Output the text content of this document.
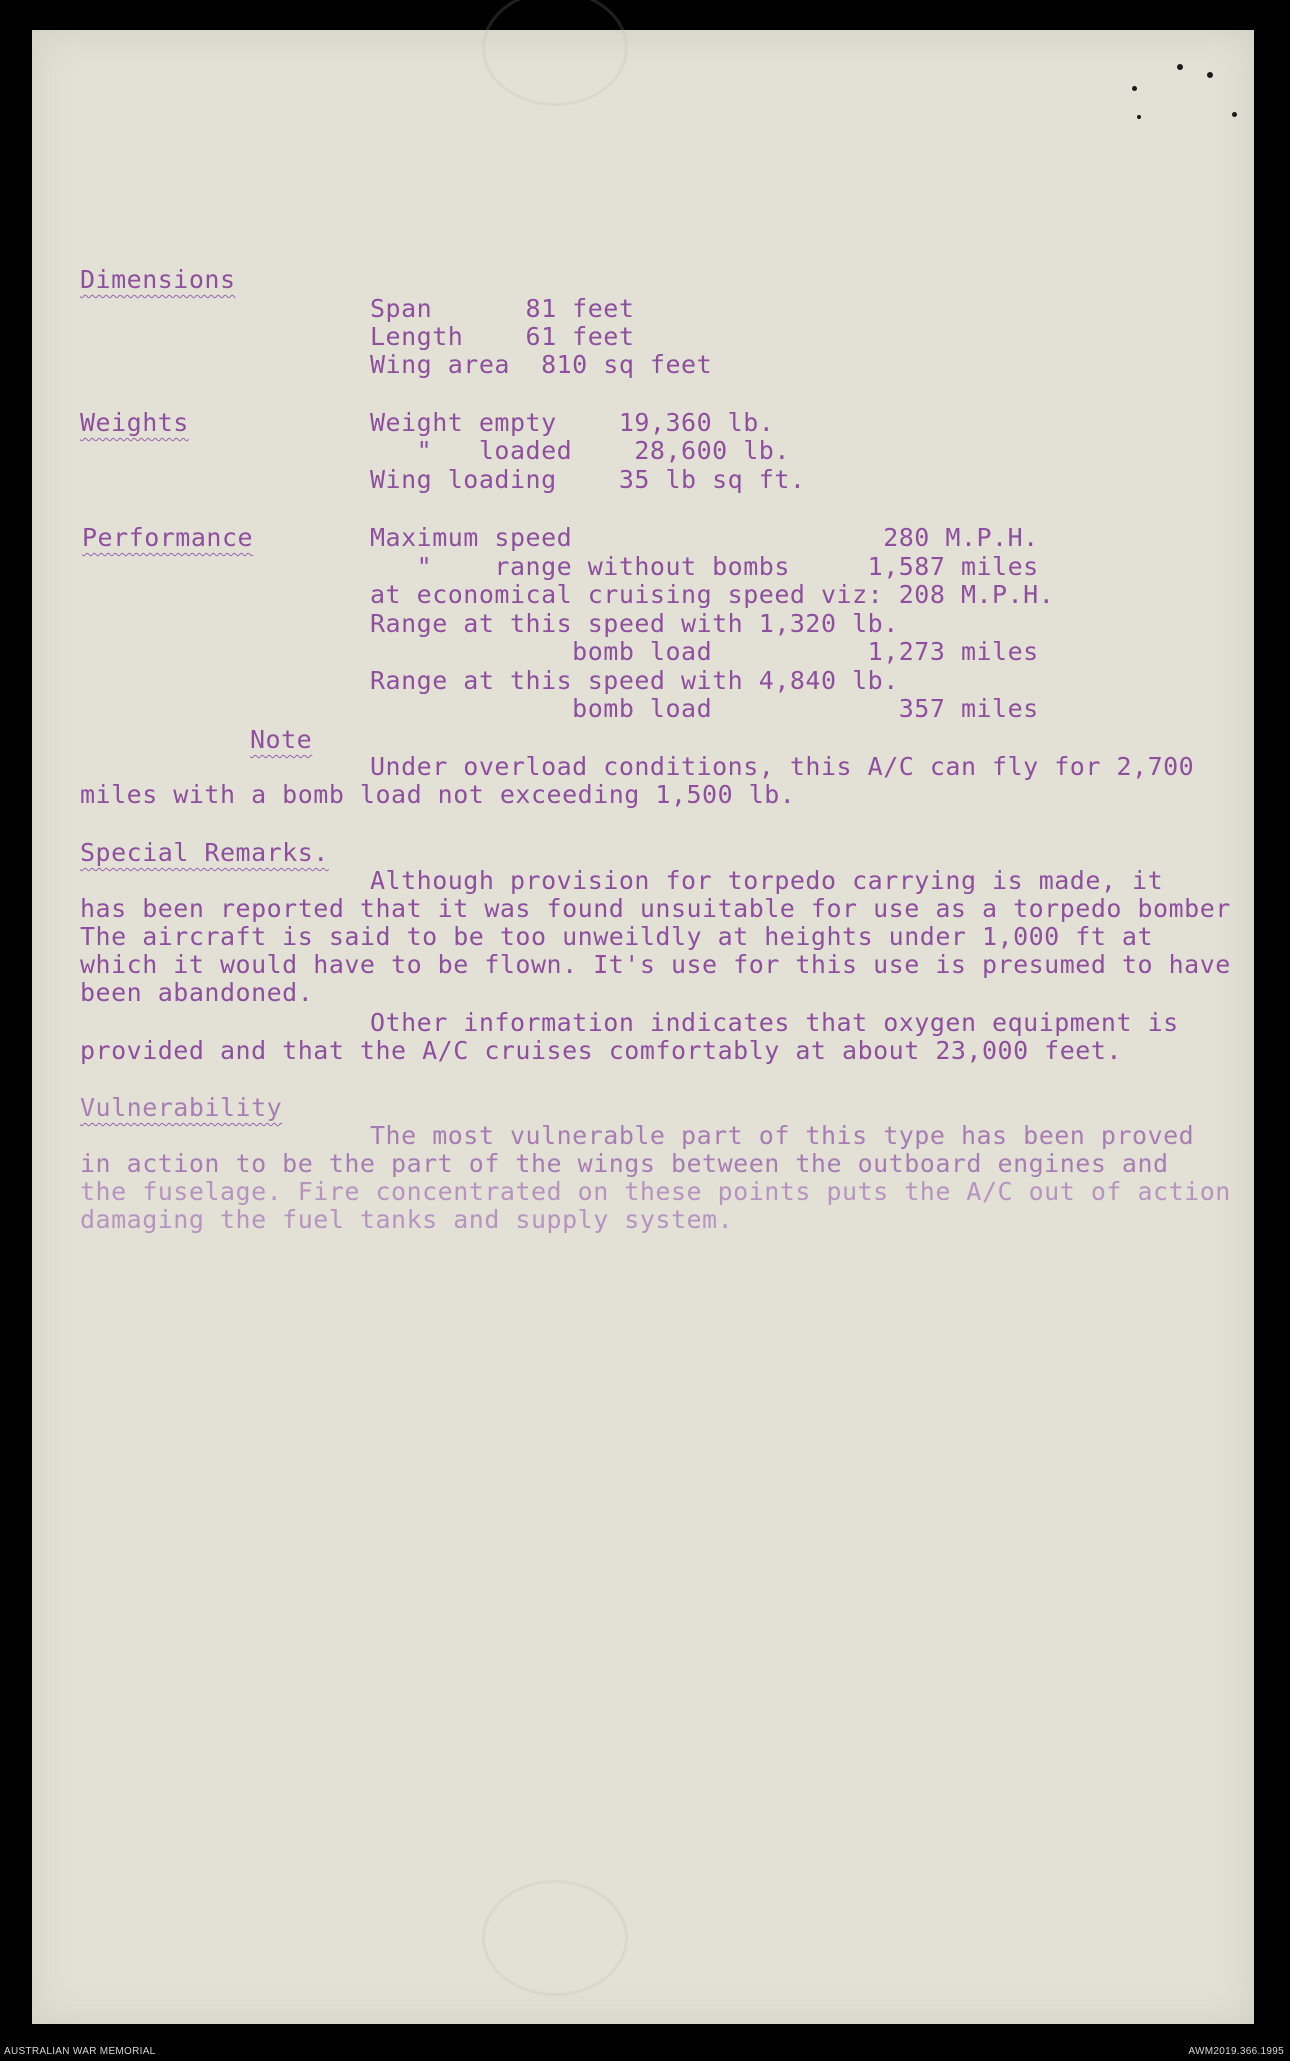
Dimensions
Span      81 feet
Length    61 feet
Wing area  810 sq feet
Weights	Weight empty    19,360 lb.
"   loaded    28,600 lb.
Wing loading    35 lb sq ft.
Performance	Maximum speed                    280 M.P.H.
"    range without bombs     1,587 miles
at economical cruising speed viz: 208 M.P.H.
Range at this speed with 1,320 lb.
bomb load          1,273 miles
Range at this speed with 4,840 lb.
bomb load            357 miles
Note
Under overload conditions, this A/C can fly for 2,700
miles with a bomb load not exceeding 1,500 lb.
Special Remarks.
Although provision for torpedo carrying is made, it
has been reported that it was found unsuitable for use as a torpedo bomber
The aircraft is said to be too unweildly at heights under 1,000 ft at
which it would have to be flown. It's use for this use is presumed to have
been abandoned.
Other information indicates that oxygen equipment is
provided and that the A/C cruises comfortably at about 23,000 feet.
Vulnerability
The most vulnerable part of this type has been proved
in action to be the part of the wings between the outboard engines and
the fuselage. Fire concentrated on these points puts the A/C out of action
damaging the fuel tanks and supply system.
AUSTRALIAN WAR MEMORIAL	AWM2019.366.1995
